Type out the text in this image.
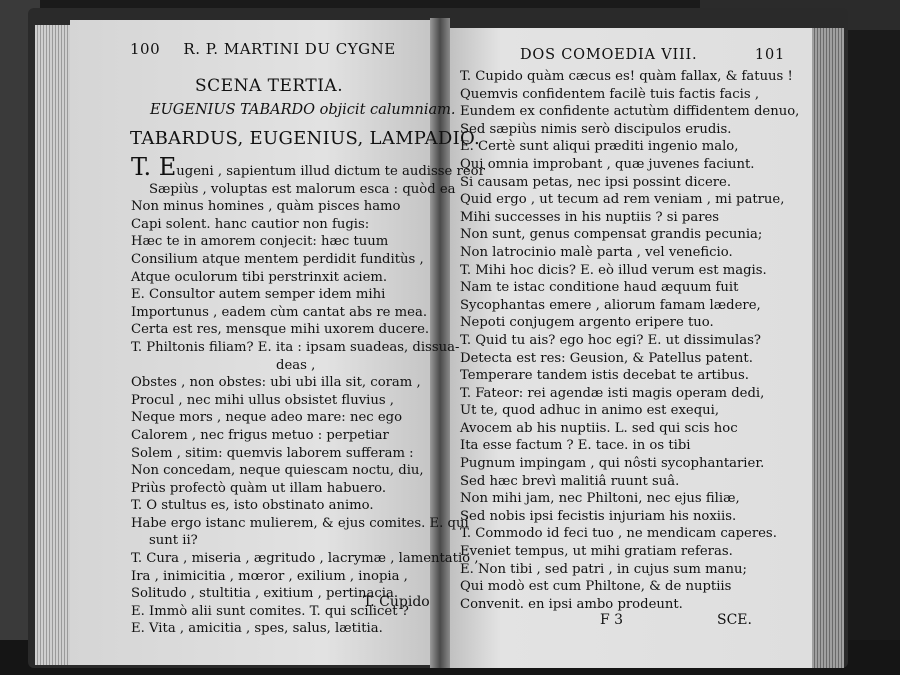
100 R. P. MARTINI DU CYGNE
SCENA TERTIA.
EUGENIUS TABARDO objicit calumniam.
TABARDUS, EUGENIUS, LAMPADIO.
T. Eugeni , sapientum illud dictum te audisse reor
Sæpiùs , voluptas est malorum esca : quòd ea
Non minus homines , quàm pisces hamo
Capi solent. hanc cautior non fugis:
Hæc te in amorem conjecit: hæc tuum
Consilium atque mentem perdidit funditùs ,
Atque oculorum tibi perstrinxit aciem.
E. Consultor autem semper idem mihi
Importunus , eadem cùm cantat abs re mea.
Certa est res, mensque mihi uxorem ducere.
T. Philtonis filiam? E. ita : ipsam suadeas, dissua-
deas ,
Obstes , non obstes: ubi ubi illa sit, coram ,
Procul , nec mihi ullus obsistet fluvius ,
Neque mors , neque adeo mare: nec ego
Calorem , nec frigus metuo : perpetiar
Solem , sitim: quemvis laborem sufferam :
Non concedam, neque quiescam noctu, diu,
Priùs profectò quàm ut illam habuero.
T. O stultus es, isto obstinato animo.
Habe ergo istanc mulierem, & ejus comites. E. qui
sunt ii?
T. Cura , miseria , ægritudo , lacrymæ , lamentatio ,
Ira , inimicitia , mœror , exilium , inopia ,
Solitudo , stultitia , exitium , pertinacia.
E. Immò alii sunt comites. T. qui scilicet ?
E. Vita , amicitia , spes, salus, lætitia.
T. Cupido
DOS COMOEDIA VIII.	101
T. Cupido quàm cæcus es! quàm fallax, & fatuus !
Quemvis confidentem facilè tuis factis facis ,
Eundem ex confidente actutùm diffidentem denuo,
Sed sæpiùs nimis serò discipulos erudis.
E. Certè sunt aliqui præditi ingenio malo,
Qui omnia improbant , quæ juvenes faciunt.
Si causam petas, nec ipsi possint dicere.
Quid ergo , ut tecum ad rem veniam , mi patrue,
Mihi successes in his nuptiis ? si pares
Non sunt, genus compensat grandis pecunia;
Non latrocinio malè parta , vel veneficio.
T. Mihi hoc dicis? E. eò illud verum est magis.
Nam te istac conditione haud æquum fuit
Sycophantas emere , aliorum famam lædere,
Nepoti conjugem argento eripere tuo.
T. Quid tu ais? ego hoc egi? E. ut dissimulas?
Detecta est res: Geusion, & Patellus patent.
Temperare tandem istis decebat te artibus.
T. Fateor: rei agendæ isti magis operam dedi,
Ut te, quod adhuc in animo est exequi,
Avocem ab his nuptiis. L. sed qui scis hoc
Ita esse factum ? E. tace. in os tibi
Pugnum impingam , qui nôsti sycophantarier.
Sed hæc brevì malitiâ ruunt suâ.
Non mihi jam, nec Philtoni, nec ejus filiæ,
Sed nobis ipsi fecistis injuriam his noxiis.
T. Commodo id feci tuo , ne mendicam caperes.
Eveniet tempus, ut mihi gratiam referas.
E. Non tibi , sed patri , in cujus sum manu;
Qui modò est cum Philtone, & de nuptiis
Convenit. en ipsi ambo prodeunt.
F 3	SCE.
